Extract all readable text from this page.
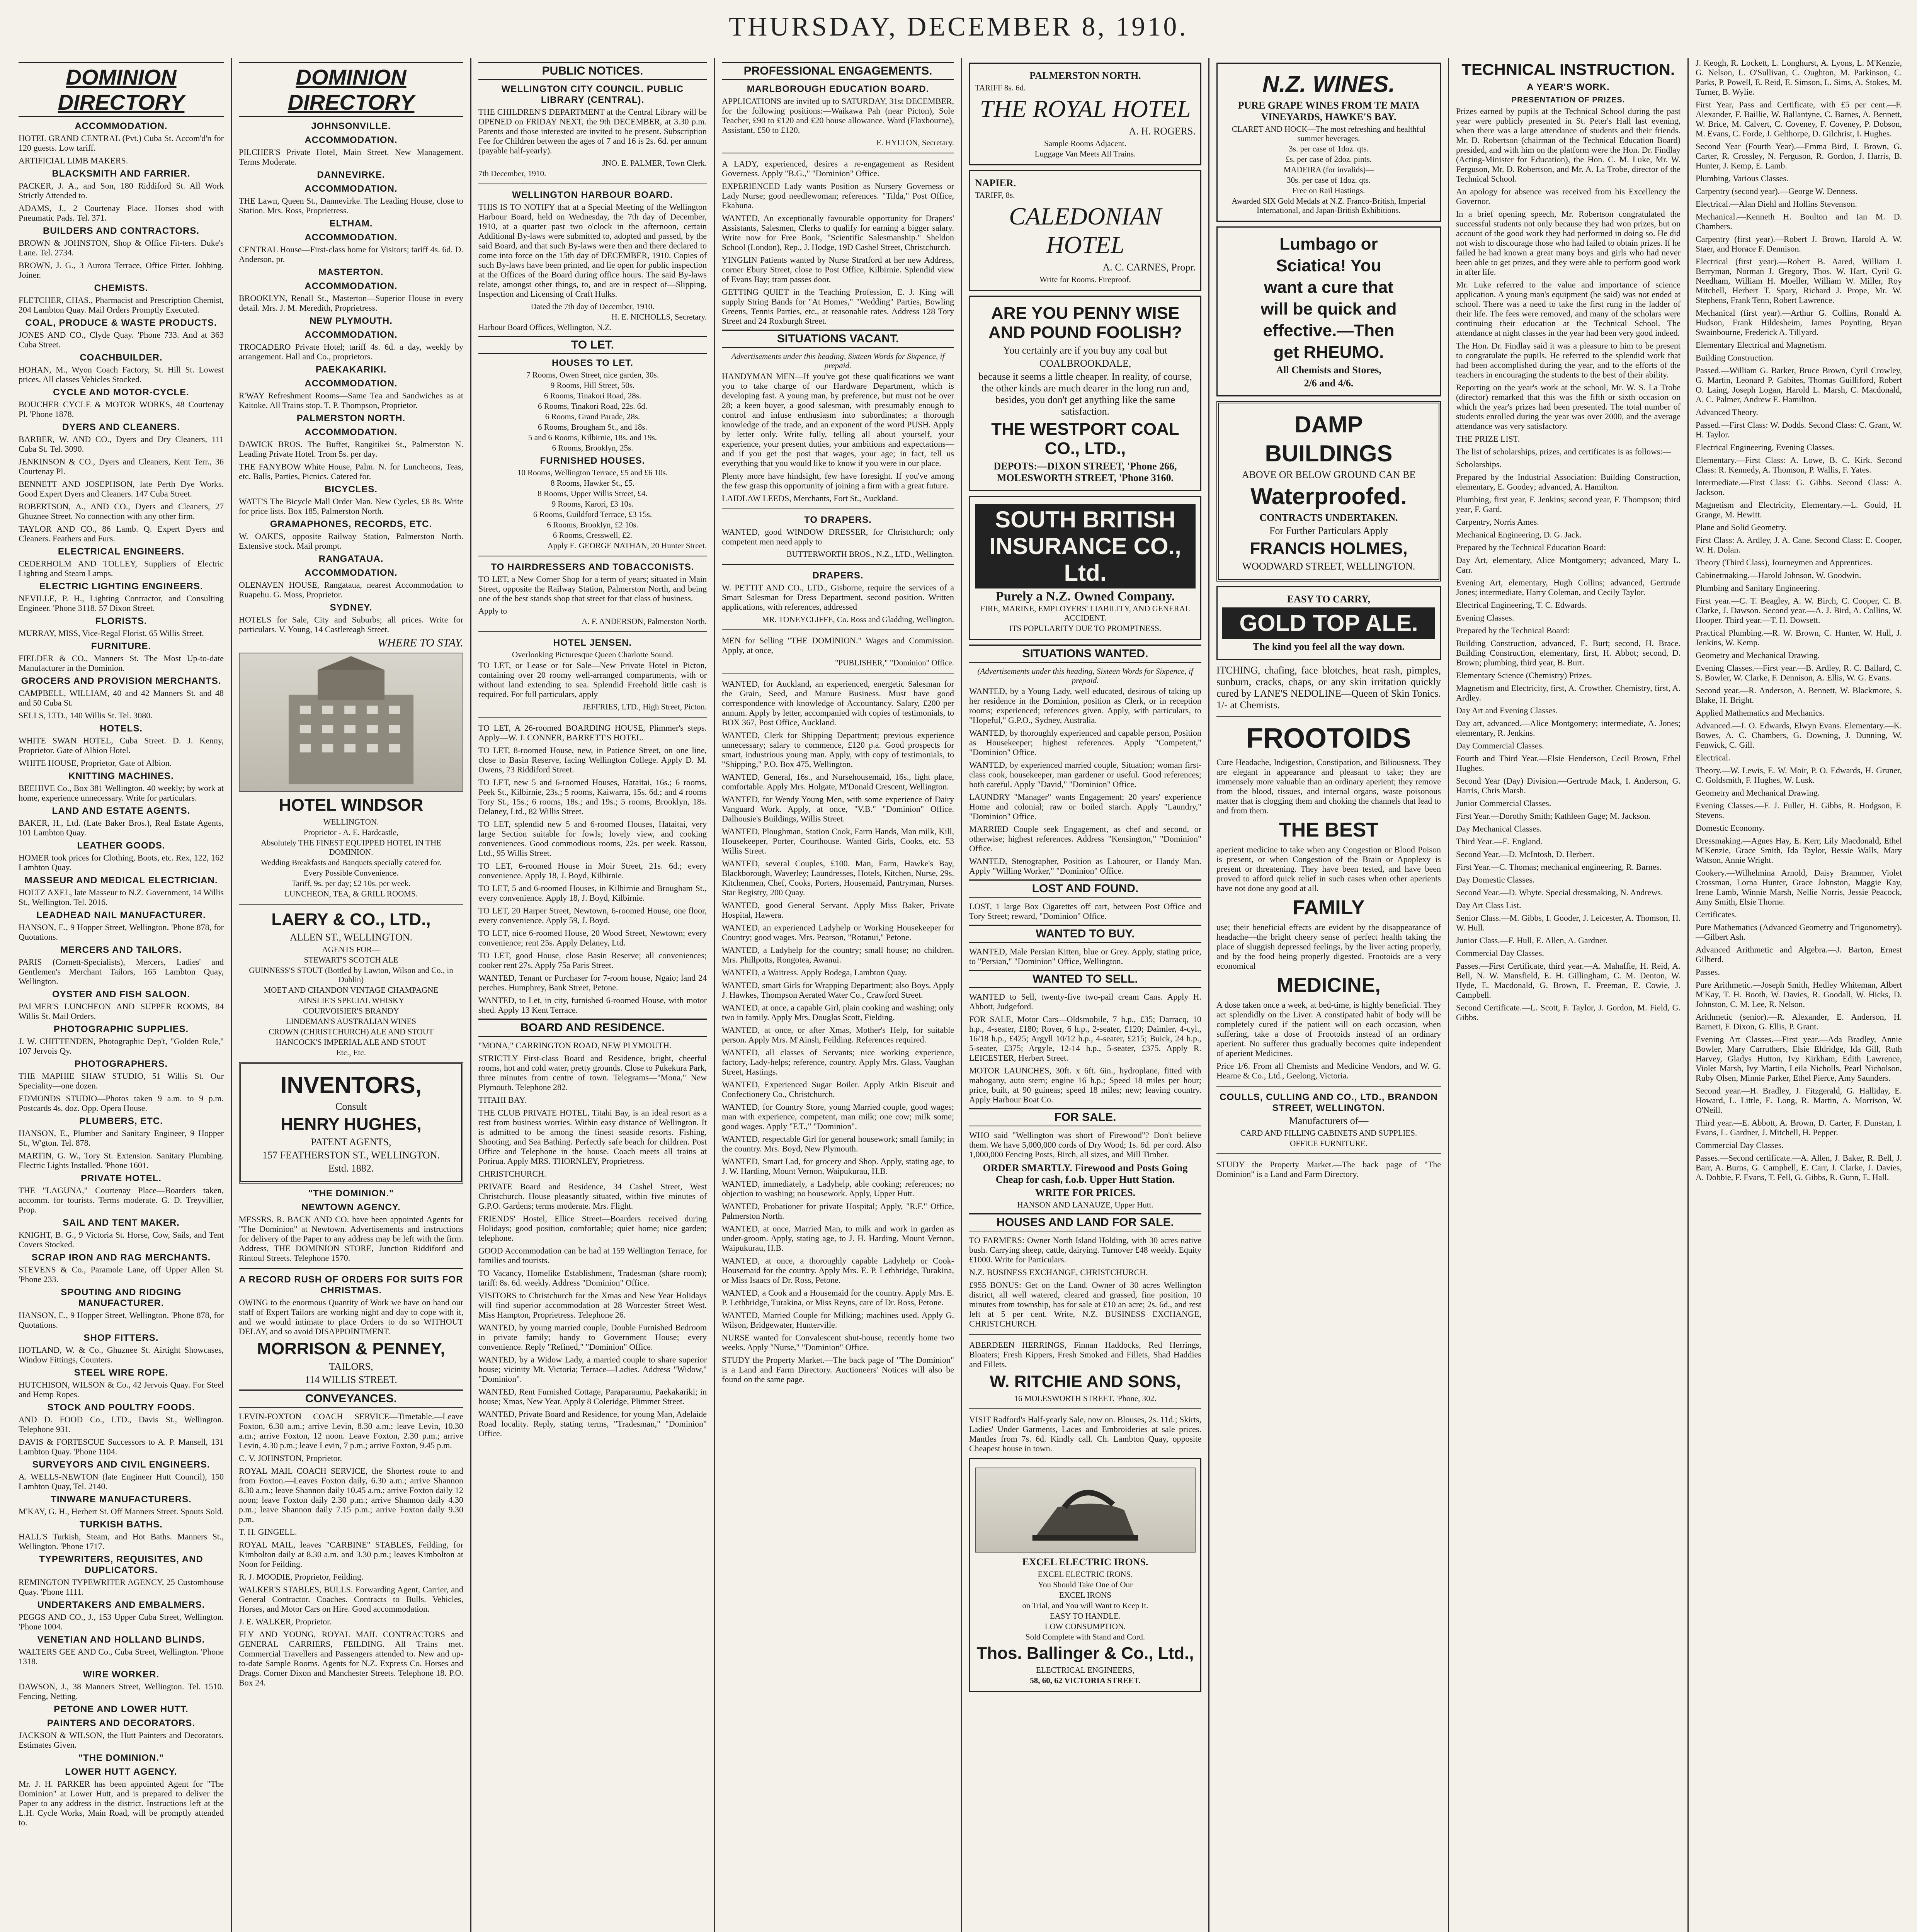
THURSDAY, DECEMBER 8, 1910.
DOMINION DIRECTORY
ACCOMMODATION.
HOTEL GRAND CENTRAL (Pvt.) Cuba St. Accom'd'n for 120 guests. Low tariff.
ARTIFICIAL LIMB MAKERS.
BLACKSMITH AND FARRIER.
PACKER, J. A., and Son, 180 Riddiford St. All Work Strictly Attended to.
ADAMS, J., 2 Courtenay Place. Horses shod with Pneumatic Pads. Tel. 371.
BUILDERS AND CONTRACTORS.
BROWN & JOHNSTON, Shop & Office Fit-ters. Duke's Lane. Tel. 2734.
BROWN, J. G., 3 Aurora Terrace, Office Fitter. Jobbing. Joiner.
CHEMISTS.
FLETCHER, CHAS., Pharmacist and Prescription Chemist, 204 Lambton Quay. Mail Orders Promptly Executed.
COAL, PRODUCE & WASTE PRODUCTS.
JONES AND CO., Clyde Quay. 'Phone 733. And at 363 Cuba Street.
COACHBUILDER.
HOHAN, M., Wyon Coach Factory, St. Hill St. Lowest prices. All classes Vehicles Stocked.
CYCLE AND MOTOR-CYCLE.
BOUCHER CYCLE & MOTOR WORKS, 48 Courtenay Pl. 'Phone 1878.
DYERS AND CLEANERS.
BARBER, W. AND CO., Dyers and Dry Cleaners, 111 Cuba St. Tel. 3090.
JENKINSON & CO., Dyers and Cleaners, Kent Terr., 36 Courtenay Pl.
BENNETT AND JOSEPHSON, late Perth Dye Works. Good Expert Dyers and Cleaners. 147 Cuba Street.
ROBERTSON, A., AND CO., Dyers and Cleaners, 27 Ghuznee Street. No connection with any other firm.
TAYLOR AND CO., 86 Lamb. Q. Expert Dyers and Cleaners. Feathers and Furs.
ELECTRICAL ENGINEERS.
CEDERHOLM AND TOLLEY, Suppliers of Electric Lighting and Steam Lamps.
ELECTRIC LIGHTING ENGINEERS.
NEVILLE, P. H., Lighting Contractor, and Consulting Engineer. 'Phone 3118. 57 Dixon Street.
FLORISTS.
MURRAY, MISS, Vice-Regal Florist. 65 Willis Street.
FURNITURE.
FIELDER & CO., Manners St. The Most Up-to-date Manufacturer in the Dominion.
GROCERS AND PROVISION MERCHANTS.
CAMPBELL, WILLIAM, 40 and 42 Manners St. and 48 and 50 Cuba St.
SELLS, LTD., 140 Willis St. Tel. 3080.
HOTELS.
WHITE SWAN HOTEL, Cuba Street. D. J. Kenny, Proprietor. Gate of Albion Hotel.
WHITE HOUSE, Proprietor, Gate of Albion.
KNITTING MACHINES.
BEEHIVE Co., Box 381 Wellington. 40 weekly; by work at home, experience unnecessary. Write for particulars.
LAND AND ESTATE AGENTS.
BAKER, H., Ltd. (Late Baker Bros.), Real Estate Agents, 101 Lambton Quay.
LEATHER GOODS.
HOMER took prices for Clothing, Boots, etc. Rex, 122, 162 Lambton Quay.
MASSEUR AND MEDICAL ELECTRICIAN.
HOLTZ AXEL, late Masseur to N.Z. Government, 14 Willis St., Wellington. Tel. 2016.
LEADHEAD NAIL MANUFACTURER.
HANSON, E., 9 Hopper Street, Wellington. 'Phone 878, for Quotations.
MERCERS AND TAILORS.
PARIS (Cornett-Specialists), Mercers, Ladies' and Gentlemen's Merchant Tailors, 165 Lambton Quay, Wellington.
OYSTER AND FISH SALOON.
PALMER'S LUNCHEON AND SUPPER ROOMS, 84 Willis St. Mail Orders.
PHOTOGRAPHIC SUPPLIES.
J. W. CHITTENDEN, Photographic Dep't, "Golden Rule," 107 Jervois Qy.
PHOTOGRAPHERS.
THE MAPHIE SHAW STUDIO, 51 Willis St. Our Speciality—one dozen.
EDMONDS STUDIO—Photos taken 9 a.m. to 9 p.m. Postcards 4s. doz. Opp. Opera House.
PLUMBERS, ETC.
HANSON, E., Plumber and Sanitary Engineer, 9 Hopper St., W'gton. Tel. 878.
MARTIN, G. W., Tory St. Extension. Sanitary Plumbing. Electric Lights Installed. 'Phone 1601.
PRIVATE HOTEL.
THE "LAGUNA," Courtenay Place—Boarders taken, accomm. for tourists. Terms moderate. G. D. Treyvillier, Prop.
SAIL AND TENT MAKER.
KNIGHT, B. G., 9 Victoria St. Horse, Cow, Sails, and Tent Covers Stocked.
SCRAP IRON AND RAG MERCHANTS.
STEVENS & Co., Paramole Lane, off Upper Allen St. 'Phone 233.
SPOUTING AND RIDGING MANUFACTURER.
HANSON, E., 9 Hopper Street, Wellington. 'Phone 878, for Quotations.
SHOP FITTERS.
HOTLAND, W. & Co., Ghuznee St. Airtight Showcases, Window Fittings, Counters.
STEEL WIRE ROPE.
HUTCHISON, WILSON & Co., 42 Jervois Quay. For Steel and Hemp Ropes.
STOCK AND POULTRY FOODS.
AND D. FOOD Co., LTD., Davis St., Wellington. Telephone 931.
DAVIS & FORTESCUE Successors to A. P. Mansell, 131 Lambton Quay. 'Phone 1104.
SURVEYORS AND CIVIL ENGINEERS.
A. WELLS-NEWTON (late Engineer Hutt Council), 150 Lambton Quay, Tel. 2140.
TINWARE MANUFACTURERS.
M'KAY, G. H., Herbert St. Off Manners Street. Spouts Sold.
TURKISH BATHS.
HALL'S Turkish, Steam, and Hot Baths. Manners St., Wellington. 'Phone 1717.
TYPEWRITERS, REQUISITES, AND DUPLICATORS.
REMINGTON TYPEWRITER AGENCY, 25 Customhouse Quay. 'Phone 1111.
UNDERTAKERS AND EMBALMERS.
PEGGS AND CO., J., 153 Upper Cuba Street, Wellington. 'Phone 1004.
VENETIAN AND HOLLAND BLINDS.
WALTERS GEE AND Co., Cuba Street, Wellington. 'Phone 1318.
WIRE WORKER.
DAWSON, J., 38 Manners Street, Wellington. Tel. 1510. Fencing, Netting.
PETONE AND LOWER HUTT.
PAINTERS AND DECORATORS.
JACKSON & WILSON, the Hutt Painters and Decorators. Estimates Given.
"THE DOMINION."
LOWER HUTT AGENCY.
Mr. J. H. PARKER has been appointed Agent for "The Dominion" at Lower Hutt, and is prepared to deliver the Paper to any address in the district. Instructions left at the L.H. Cycle Works, Main Road, will be promptly attended to.
DOMINION DIRECTORY
JOHNSONVILLE.
ACCOMMODATION.
PILCHER'S Private Hotel, Main Street. New Management. Terms Moderate.
DANNEVIRKE.
ACCOMMODATION.
THE Lawn, Queen St., Dannevirke. The Leading House, close to Station. Mrs. Ross, Proprietress.
ELTHAM.
ACCOMMODATION.
CENTRAL House—First-class home for Visitors; tariff 4s. 6d. D. Anderson, pr.
MASTERTON.
ACCOMMODATION.
BROOKLYN, Renall St., Masterton—Superior House in every detail. Mrs. J. M. Meredith, Proprietress.
NEW PLYMOUTH.
ACCOMMODATION.
TROCADERO Private Hotel; tariff 4s. 6d. a day, weekly by arrangement. Hall and Co., proprietors.
PAEKAKARIKI.
ACCOMMODATION.
R'WAY Refreshment Rooms—Same Tea and Sandwiches as at Kaitoke. All Trains stop. T. P. Thompson, Proprietor.
PALMERSTON NORTH.
ACCOMMODATION.
DAWICK BROS. The Buffet, Rangitikei St., Palmerston N. Leading Private Hotel. Trom 5s. per day.
THE FANYBOW White House, Palm. N. for Luncheons, Teas, etc. Balls, Parties, Picnics. Catered for.
BICYCLES.
WATT'S The Bicycle Mall Order Man. New Cycles, £8 8s. Write for price lists. Box 185, Palmerston North.
GRAMAPHONES, RECORDS, ETC.
W. OAKES, opposite Railway Station, Palmerston North. Extensive stock. Mail prompt.
RANGATAUA.
ACCOMMODATION.
OLENAVEN HOUSE, Rangataua, nearest Accommodation to Ruapehu. G. Moss, Proprietor.
SYDNEY.
HOTELS for Sale, City and Suburbs; all prices. Write for particulars. V. Young, 14 Castlereagh Street.
WHERE TO STAY.
HOTEL WINDSOR
WELLINGTON.
Proprietor - A. E. Hardcastle,
Absolutely THE FINEST EQUIPPED HOTEL IN THE DOMINION.
Wedding Breakfasts and Banquets specially catered for.
Every Possible Convenience.
Tariff, 9s. per day; £2 10s. per week.
LUNCHEON, TEA, & GRILL ROOMS.
LAERY & CO., LTD.,
ALLEN ST., WELLINGTON.
AGENTS FOR—
STEWART'S SCOTCH ALE
GUINNESS'S STOUT (Bottled by Lawton, Wilson and Co., in Dublin)
MOET AND CHANDON VINTAGE CHAMPAGNE
AINSLIE'S SPECIAL WHISKY
COURVOISIER'S BRANDY
LINDEMAN'S AUSTRALIAN WINES
CROWN (CHRISTCHURCH) ALE AND STOUT
HANCOCK'S IMPERIAL ALE AND STOUT
Etc., Etc.
INVENTORS,
Consult
HENRY HUGHES,
PATENT AGENTS,
157 FEATHERSTON ST., WELLINGTON.
Estd. 1882.
"THE DOMINION."
NEWTOWN AGENCY.
MESSRS. R. BACK AND CO. have been appointed Agents for "The Dominion" at Newtown. Advertisements and instructions for delivery of the Paper to any address may be left with the firm. Address, THE DOMINION STORE, Junction Riddiford and Rintoul Streets. Telephone 1570.
A RECORD RUSH OF ORDERS FOR SUITS FOR CHRISTMAS.
OWING to the enormous Quantity of Work we have on hand our staff of Expert Tailors are working night and day to cope with it, and we would intimate to place Orders to do so WITHOUT DELAY, and so avoid DISAPPOINTMENT.
MORRISON & PENNEY,
TAILORS,
114 WILLIS STREET.
CONVEYANCES.
LEVIN-FOXTON COACH SERVICE—Timetable.—Leave Foxton, 6.30 a.m.; arrive Levin, 8.30 a.m.; leave Levin, 10.30 a.m.; arrive Foxton, 12 noon. Leave Foxton, 2.30 p.m.; arrive Levin, 4.30 p.m.; leave Levin, 7 p.m.; arrive Foxton, 9.45 p.m.
C. V. JOHNSTON, Proprietor.
ROYAL MAIL COACH SERVICE, the Shortest route to and from Foxton.—Leaves Foxton daily, 6.30 a.m.; arrive Shannon 8.30 a.m.; leave Shannon daily 10.45 a.m.; arrive Foxton daily 12 noon; leave Foxton daily 2.30 p.m.; arrive Shannon daily 4.30 p.m.; leave Shannon daily 7.15 p.m.; arrive Foxton daily 9.30 p.m.
T. H. GINGELL.
ROYAL MAIL, leaves "CARBINE" STABLES, Feilding, for Kimbolton daily at 8.30 a.m. and 3.30 p.m.; leaves Kimbolton at Noon for Feilding.
R. J. MOODIE, Proprietor, Feilding.
WALKER'S STABLES, BULLS. Forwarding Agent, Carrier, and General Contractor. Coaches. Contracts to Bulls. Vehicles, Horses, and Motor Cars on Hire. Good accommodation.
J. E. WALKER, Proprietor.
FLY AND YOUNG, ROYAL MAIL CONTRACTORS and GENERAL CARRIERS, FEILDING. All Trains met. Commercial Travellers and Passengers attended to. New and up-to-date Sample Rooms. Agents for N.Z. Express Co. Horses and Drags. Corner Dixon and Manchester Streets. Telephone 18. P.O. Box 24.
PUBLIC NOTICES.
WELLINGTON CITY COUNCIL. PUBLIC LIBRARY (CENTRAL).
THE CHILDREN'S DEPARTMENT at the Central Library will be OPENED on FRIDAY NEXT, the 9th DECEMBER, at 3.30 p.m. Parents and those interested are invited to be present. Subscription Fee for Children between the ages of 7 and 16 is 2s. 6d. per annum (payable half-yearly).
JNO. E. PALMER, Town Clerk.
7th December, 1910.
WELLINGTON HARBOUR BOARD.
THIS IS TO NOTIFY that at a Special Meeting of the Wellington Harbour Board, held on Wednesday, the 7th day of December, 1910, at a quarter past two o'clock in the afternoon, certain Additional By-laws were submitted to, adopted and passed, by the said Board, and that such By-laws were then and there declared to come into force on the 15th day of DECEMBER, 1910. Copies of such By-laws have been printed, and lie open for public inspection at the Offices of the Board during office hours. The said By-laws relate, amongst other things, to, and are in respect of—Slipping, Inspection and Licensing of Craft Hulks.
Dated the 7th day of December, 1910.
H. E. NICHOLLS, Secretary.
Harbour Board Offices, Wellington, N.Z.
TO LET.
HOUSES TO LET.
7 Rooms, Owen Street, nice garden, 30s.
9 Rooms, Hill Street, 50s.
6 Rooms, Tinakori Road, 28s.
6 Rooms, Tinakori Road, 22s. 6d.
6 Rooms, Grand Parade, 28s.
6 Rooms, Brougham St., and 18s.
5 and 6 Rooms, Kilbirnie, 18s. and 19s.
6 Rooms, Brooklyn, 25s.
FURNISHED HOUSES.
10 Rooms, Wellington Terrace, £5 and £6 10s.
8 Rooms, Hawker St., £5.
8 Rooms, Upper Willis Street, £4.
9 Rooms, Karori, £3 10s.
6 Rooms, Guildford Terrace, £3 15s.
6 Rooms, Brooklyn, £2 10s.
6 Rooms, Cresswell, £2.
Apply E. GEORGE NATHAN, 20 Hunter Street.
TO HAIRDRESSERS AND TOBACCONISTS.
TO LET, a New Corner Shop for a term of years; situated in Main Street, opposite the Railway Station, Palmerston North, and being one of the best stands shop that street for that class of business.
Apply to
A. F. ANDERSON, Palmerston North.
HOTEL JENSEN.
Overlooking Picturesque Queen Charlotte Sound.
TO LET, or Lease or for Sale—New Private Hotel in Picton, containing over 20 roomy well-arranged compartments, with or without land extending to sea. Splendid Freehold little cash is required. For full particulars, apply
JEFFRIES, LTD., High Street, Picton.
TO LET, A 26-roomed BOARDING HOUSE, Plimmer's steps. Apply—W. J. CONNER, BARRETT'S HOTEL.
TO LET, 8-roomed House, new, in Patience Street, on one line, close to Basin Reserve, facing Wellington College. Apply D. M. Owens, 73 Riddiford Street.
TO LET, new 5 and 6-roomed Houses, Hataitai, 16s.; 6 rooms, Peek St., Kilbirnie, 23s.; 5 rooms, Kaiwarra, 15s. 6d.; and 4 rooms Tory St., 15s.; 6 rooms, 18s.; and 19s.; 5 rooms, Brooklyn, 18s. Delaney, Ltd., 82 Willis Street.
TO LET, splendid new 5 and 6-roomed Houses, Hataitai, very large Section suitable for fowls; lovely view, and cooking conveniences. Good commodious rooms, 22s. per week. Rassou, Ltd., 95 Willis Street.
TO LET, 6-roomed House in Moir Street, 21s. 6d.; every convenience. Apply 18, J. Boyd, Kilbirnie.
TO LET, 5 and 6-roomed Houses, in Kilbirnie and Brougham St., every convenience. Apply 18, J. Boyd, Kilbirnie.
TO LET, 20 Harper Street, Newtown, 6-roomed House, one floor, every convenience. Apply 59, J. Boyd.
TO LET, nice 6-roomed House, 20 Wood Street, Newtown; every convenience; rent 25s. Apply Delaney, Ltd.
TO LET, good House, close Basin Reserve; all conveniences; cooker rent 27s. Apply 75a Paris Street.
WANTED, Tenant or Purchaser for 7-room house, Ngaio; land 24 perches. Humphrey, Bank Street, Petone.
WANTED, to Let, in city, furnished 6-roomed House, with motor shed. Apply 13 Kent Terrace.
BOARD AND RESIDENCE.
"MONA," CARRINGTON ROAD, NEW PLYMOUTH.
STRICTLY First-class Board and Residence, bright, cheerful rooms, hot and cold water, pretty grounds. Close to Pukekura Park, three minutes from centre of town. Telegrams—"Mona," New Plymouth. Telephone 282.
TITAHI BAY.
THE CLUB PRIVATE HOTEL, Titahi Bay, is an ideal resort as a rest from business worries. Within easy distance of Wellington. It is admitted to be among the finest seaside resorts. Fishing, Shooting, and Sea Bathing. Perfectly safe beach for children. Post Office and Telephone in the house. Coach meets all trains at Porirua. Apply MRS. THORNLEY, Proprietress.
CHRISTCHURCH.
PRIVATE Board and Residence, 34 Cashel Street, West Christchurch. House pleasantly situated, within five minutes of G.P.O. Gardens; terms moderate. Mrs. Flight.
FRIENDS' Hostel, Ellice Street—Boarders received during Holidays; good position, comfortable; quiet home; nice garden; telephone.
GOOD Accommodation can be had at 159 Wellington Terrace, for families and tourists.
TO Vacancy, Homelike Establishment, Tradesman (share room); tariff: 8s. 6d. weekly. Address "Dominion" Office.
VISITORS to Christchurch for the Xmas and New Year Holidays will find superior accommodation at 28 Worcester Street West. Miss Hampton, Proprietress. Telephone 26.
WANTED, by young married couple, Double Furnished Bedroom in private family; handy to Government House; every convenience. Reply "Refined," "Dominion" Office.
WANTED, by a Widow Lady, a married couple to share superior house; vicinity Mt. Victoria; Terrace—Ladies. Address "Widow," "Dominion".
WANTED, Rent Furnished Cottage, Paraparaumu, Paekakariki; in house; Xmas, New Year. Apply 8 Coleridge, Plimmer Street.
WANTED, Private Board and Residence, for young Man, Adelaide Road locality. Reply, stating terms, "Tradesman," "Dominion" Office.
PROFESSIONAL ENGAGEMENTS.
MARLBOROUGH EDUCATION BOARD.
APPLICATIONS are invited up to SATURDAY, 31st DECEMBER, for the following positions:—Waikawa Pah (near Picton), Sole Teacher, £90 to £120 and £20 house allowance. Ward (Flaxbourne), Assistant, £50 to £120.
E. HYLTON, Secretary.
A LADY, experienced, desires a re-engagement as Resident Governess. Apply "B.G.," "Dominion" Office.
EXPERIENCED Lady wants Position as Nursery Governess or Lady Nurse; good needlewoman; references. "Tilda," Post Office, Ekahuna.
WANTED, An exceptionally favourable opportunity for Drapers' Assistants, Salesmen, Clerks to qualify for earning a bigger salary. Write now for Free Book, "Scientific Salesmanship." Sheldon School (London), Rep., J. Hodge, 19D Cashel Street, Christchurch.
YINGLIN Patients wanted by Nurse Stratford at her new Address, corner Ebury Street, close to Post Office, Kilbirnie. Splendid view of Evans Bay; tram passes door.
GETTING QUIET in the Teaching Profession, E. J. King will supply String Bands for "At Homes," "Wedding" Parties, Bowling Greens, Tennis Parties, etc., at reasonable rates. Address 128 Tory Street and 24 Roxburgh Street.
SITUATIONS VACANT.
Advertisements under this heading, Sixteen Words for Sixpence, if prepaid.
HANDYMAN MEN—If you've got these qualifications we want you to take charge of our Hardware Department, which is developing fast. A young man, by preference, but must not be over 28; a keen buyer, a good salesman, with presumably enough to control and infuse enthusiasm into subordinates; a thorough knowledge of the trade, and an exponent of the word PUSH. Apply by letter only. Write fully, telling all about yourself, your experience, your present duties, your ambitions and expectations—and if you get the post that wages, your age; in fact, tell us everything that you would like to know if you were in our place.
Plenty more have hindsight, few have foresight. If you've among the few grasp this opportunity of joining a firm with a great future.
LAIDLAW LEEDS, Merchants, Fort St., Auckland.
TO DRAPERS.
WANTED, good WINDOW DRESSER, for Christchurch; only competent men need apply to
BUTTERWORTH BROS., N.Z., LTD., Wellington.
DRAPERS.
W. PETTIT AND CO., LTD., Gisborne, require the services of a Smart Salesman for Dress Department, second position. Written applications, with references, addressed
MR. TONEYCLIFFE, Co. Ross and Gladding, Wellington.
MEN for Selling "THE DOMINION." Wages and Commission. Apply, at once,
"PUBLISHER," "Dominion" Office.
WANTED, for Auckland, an experienced, energetic Salesman for the Grain, Seed, and Manure Business. Must have good correspondence with knowledge of Accountancy. Salary, £200 per annum. Apply by letter, accompanied with copies of testimonials, to BOX 367, Post Office, Auckland.
WANTED, Clerk for Shipping Department; previous experience unnecessary; salary to commence, £120 p.a. Good prospects for smart, industrious young man. Apply, with copy of testimonials, to "Shipping," P.O. Box 475, Wellington.
WANTED, General, 16s., and Nursehousemaid, 16s., light place, comfortable. Apply Mrs. Holgate, M'Donald Crescent, Wellington.
WANTED, for Wendy Young Men, with some experience of Dairy Vanguard Work. Apply, at once, "V.B." "Dominion" Office. Dalhousie's Buildings, Willis Street.
WANTED, Ploughman, Station Cook, Farm Hands, Man milk, Kill, Housekeeper, Porter, Courthouse. Wanted Girls, Cooks, etc. 53 Willis Street.
WANTED, several Couples, £100. Man, Farm, Hawke's Bay, Blackborough, Waverley; Laundresses, Hotels, Kitchen, Nurse, 29s. Kitchenmen, Chef, Cooks, Porters, Housemaid, Pantryman, Nurses. Star Registry, 200 Quay.
WANTED, good General Servant. Apply Miss Baker, Private Hospital, Hawera.
WANTED, an experienced Ladyhelp or Working Housekeeper for Country; good wages. Mrs. Pearson, "Rotanui," Petone.
WANTED, a Ladyhelp for the country; small house; no children. Mrs. Phillpotts, Rongotea, Awanui.
WANTED, a Waitress. Apply Bodega, Lambton Quay.
WANTED, smart Girls for Wrapping Department; also Boys. Apply J. Hawkes, Thompson Aerated Water Co., Crawford Street.
WANTED, at once, a capable Girl, plain cooking and washing; only two in family. Apply Mrs. Douglas Scott, Fielding.
WANTED, at once, or after Xmas, Mother's Help, for suitable person. Apply Mrs. M'Ainsh, Feilding. References required.
WANTED, all classes of Servants; nice working experience, factory, Lady-helps; reference, country. Apply Mrs. Glass, Vaughan Street, Hastings.
WANTED, Experienced Sugar Boiler. Apply Atkin Biscuit and Confectionery Co., Christchurch.
WANTED, for Country Store, young Married couple, good wages; man with experience, competent, man milk; one cow; milk some; good wages. Apply "F.T.," "Dominion".
WANTED, respectable Girl for general housework; small family; in the country. Mrs. Boyd, New Plymouth.
WANTED, Smart Lad, for grocery and Shop. Apply, stating age, to J. W. Harding, Mount Vernon, Waipukurau, H.B.
WANTED, immediately, a Ladyhelp, able cooking; references; no objection to washing; no housework. Apply, Upper Hutt.
WANTED, Probationer for private Hospital; Apply, "R.F." Office, Palmerston North.
WANTED, at once, Married Man, to milk and work in garden as under-groom. Apply, stating age, to J. H. Harding, Mount Vernon, Waipukurau, H.B.
WANTED, at once, a thoroughly capable Ladyhelp or Cook-Housemaid for the country. Apply Mrs. E. P. Lethbridge, Turakina, or Miss Isaacs of Dr. Ross, Petone.
WANTED, a Cook and a Housemaid for the country. Apply Mrs. E. P. Lethbridge, Turakina, or Miss Reyns, care of Dr. Ross, Petone.
WANTED, Married Couple for Milking; machines used. Apply G. Wilson, Bridgewater, Hunterville.
NURSE wanted for Convalescent shut-house, recently home two weeks. Apply "Nurse," "Dominion" Office.
STUDY the Property Market.—The back page of "The Dominion" is a Land and Farm Directory. Auctioneers' Notices will also be found on the same page.
PALMERSTON NORTH.
TARIFF 8s. 6d.
THE ROYAL HOTEL
A. H. ROGERS.
Sample Rooms Adjacent.
Luggage Van Meets All Trains.
NAPIER.
TARIFF, 8s.
CALEDONIAN HOTEL
A. C. CARNES, Propr.
Write for Rooms. Fireproof.
ARE YOU PENNY WISE AND POUND FOOLISH?
You certainly are if you buy any coal but
COALBROOKDALE,
because it seems a little cheaper. In reality, of course, the other kinds are much dearer in the long run and, besides, you don't get anything like the same satisfaction.
THE WESTPORT COAL CO., LTD.,
DEPOTS:—DIXON STREET, 'Phone 266, MOLESWORTH STREET, 'Phone 3160.
SOUTH BRITISH INSURANCE CO., Ltd.
Purely a N.Z. Owned Company.
FIRE, MARINE, EMPLOYERS' LIABILITY, AND GENERAL ACCIDENT.
ITS POPULARITY DUE TO PROMPTNESS.
SITUATIONS WANTED.
(Advertisements under this heading, Sixteen Words for Sixpence, if prepaid.
WANTED, by a Young Lady, well educated, desirous of taking up her residence in the Dominion, position as Clerk, or in reception rooms; experienced; references given. Apply, with particulars, to "Hopeful," G.P.O., Sydney, Australia.
WANTED, by thoroughly experienced and capable person, Position as Housekeeper; highest references. Apply "Competent," "Dominion" Office.
WANTED, by experienced married couple, Situation; woman first-class cook, housekeeper, man gardener or useful. Good references; both careful. Apply "David," "Dominion" Office.
LAUNDRY "Manager" wants Engagement; 20 years' experience Home and colonial; raw or boiled starch. Apply "Laundry," "Dominion" Office.
MARRIED Couple seek Engagement, as chef and second, or otherwise; highest references. Address "Kensington," "Dominion" Office.
WANTED, Stenographer, Position as Labourer, or Handy Man. Apply "Willing Worker," "Dominion" Office.
LOST AND FOUND.
LOST, 1 large Box Cigarettes off cart, between Post Office and Tory Street; reward, "Dominion" Office.
WANTED TO BUY.
WANTED, Male Persian Kitten, blue or Grey. Apply, stating price, to "Persian," "Dominion" Office, Wellington.
WANTED TO SELL.
WANTED to Sell, twenty-five two-pail cream Cans. Apply H. Abbott, Judgeford.
FOR SALE, Motor Cars—Oldsmobile, 7 h.p., £35; Darracq, 10 h.p., 4-seater, £180; Rover, 6 h.p., 2-seater, £120; Daimler, 4-cyl., 16/18 h.p., £425; Argyll 10/12 h.p., 4-seater, £215; Buick, 24 h.p., 5-seater, £375; Argyle, 12-14 h.p., 5-seater, £375. Apply R. LEICESTER, Herbert Street.
MOTOR LAUNCHES, 30ft. x 6ft. 6in., hydroplane, fitted with mahogany, auto stern; engine 16 h.p.; Speed 18 miles per hour; price, built, at 90 guineas; speed 18 miles; new; leaving country. Apply Harbour Boat Co.
FOR SALE.
WHO said "Wellington was short of Firewood"? Don't believe them. We have 5,000,000 cords of Dry Wood; 1s. 6d. per cord. Also 1,000,000 Fencing Posts, Birch, all sizes, and Mill Timber.
ORDER SMARTLY. Firewood and Posts Going Cheap for cash, f.o.b. Upper Hutt Station.
WRITE FOR PRICES.
HANSON AND LANAUZE, Upper Hutt.
HOUSES AND LAND FOR SALE.
TO FARMERS: Owner North Island Holding, with 30 acres native bush. Carrying sheep, cattle, dairying. Turnover £48 weekly. Equity £1000. Write for Particulars.
N.Z. BUSINESS EXCHANGE, CHRISTCHURCH.
£955 BONUS: Get on the Land. Owner of 30 acres Wellington district, all well watered, cleared and grassed, fine position, 10 minutes from township, has for sale at £10 an acre; 2s. 6d., and rest left at 5 per cent. Write, N.Z. BUSINESS EXCHANGE, CHRISTCHURCH.
ABERDEEN HERRINGS, Finnan Haddocks, Red Herrings, Bloaters; Fresh Kippers, Fresh Smoked and Fillets, Shad Haddies and Fillets.
W. RITCHIE AND SONS,
16 MOLESWORTH STREET. 'Phone, 302.
VISIT Radford's Half-yearly Sale, now on. Blouses, 2s. 11d.; Skirts, Ladies' Under Garments, Laces and Embroideries at sale prices. Mantles from 7s. 6d. Kindly call. Ch. Lambton Quay, opposite Cheapest house in town.
EXCEL ELECTRIC IRONS.
EXCEL ELECTRIC IRONS.
You Should Take One of Our
EXCEL IRONS
on Trial, and You will Want to Keep It.
EASY TO HANDLE.
LOW CONSUMPTION.
Sold Complete with Stand and Cord.
Thos. Ballinger & Co., Ltd.,
ELECTRICAL ENGINEERS,
58, 60, 62 VICTORIA STREET.
N.Z. WINES.
PURE GRAPE WINES FROM TE MATA VINEYARDS, HAWKE'S BAY.
CLARET AND HOCK—The most refreshing and healthful summer beverages.
3s. per case of 1doz. qts.
£s. per case of 2doz. pints.
MADEIRA (for invalids)—
30s. per case of 1doz. qts.
Free on Rail Hastings.
Awarded SIX Gold Medals at N.Z. Franco-British, Imperial International, and Japan-British Exhibitions.
Lumbago or
Sciatica! You
want a cure that
will be quick and
effective.—Then
get RHEUMO.
All Chemists and Stores,
2/6 and 4/6.
DAMP
BUILDINGS
ABOVE OR BELOW GROUND CAN BE
Waterproofed.
CONTRACTS UNDERTAKEN.
For Further Particulars Apply
FRANCIS HOLMES,
WOODWARD STREET, WELLINGTON.
EASY TO CARRY,
GOLD TOP ALE.
The kind you feel all the way down.
ITCHING, chafing, face blotches, heat rash, pimples, sunburn, cracks, chaps, or any skin irritation quickly cured by LANE'S NEDOLINE—Queen of Skin Tonics. 1/- at Chemists.
FROOTOIDS
Cure Headache, Indigestion, Constipation, and Biliousness. They are elegant in appearance and pleasant to take; they are immensely more valuable than an ordinary aperient; they remove from the blood, tissues, and internal organs, waste poisonous matter that is clogging them and choking the channels that lead to and from them.
THE BEST
aperient medicine to take when any Congestion or Blood Poison is present, or when Congestion of the Brain or Apoplexy is present or threatening. They have been tested, and have been proved to afford quick relief in such cases when other aperients have not done any good at all.
FAMILY
use; their beneficial effects are evident by the disappearance of headache—the bright cheery sense of perfect health taking the place of sluggish depressed feelings, by the liver acting properly, and by the food being properly digested. Frootoids are a very economical
MEDICINE,
A dose taken once a week, at bed-time, is highly beneficial. They act splendidly on the Liver. A constipated habit of body will be completely cured if the patient will on each occasion, when suffering, take a dose of Frootoids instead of an ordinary aperient. No sufferer thus gradually becomes quite independent of aperient Medicines.
Price 1/6. From all Chemists and Medicine Vendors, and W. G. Hearne & Co., Ltd., Geelong, Victoria.
COULLS, CULLING AND CO., LTD., BRANDON STREET, WELLINGTON.
Manufacturers of—
CARD AND FILLING CABINETS AND SUPPLIES.
OFFICE FURNITURE.
STUDY the Property Market.—The back page of "The Dominion" is a Land and Farm Directory.
TECHNICAL INSTRUCTION.
A YEAR'S WORK.
PRESENTATION OF PRIZES.
Prizes earned by pupils at the Technical School during the past year were publicly presented in St. Peter's Hall last evening, when there was a large attendance of students and their friends. Mr. D. Robertson (chairman of the Technical Education Board) presided, and with him on the platform were the Hon. Dr. Findlay (Acting-Minister for Education), the Hon. C. M. Luke, Mr. W. Ferguson, Mr. D. Robertson, and Mr. A. La Trobe, director of the Technical School.
An apology for absence was received from his Excellency the Governor.
In a brief opening speech, Mr. Robertson congratulated the successful students not only because they had won prizes, but on account of the good work they had performed in doing so. He did not wish to discourage those who had failed to obtain prizes. If he failed he had known a great many boys and girls who had never been able to get prizes, and they were able to perform good work in after life.
Mr. Luke referred to the value and importance of science application. A young man's equipment (he said) was not ended at school. There was a need to take the first rung in the ladder of their life. The fees were removed, and many of the scholars were continuing their education at the Technical School. The attendance at night classes in the year had been very good indeed.
The Hon. Dr. Findlay said it was a pleasure to him to be present to congratulate the pupils. He referred to the splendid work that had been accomplished during the year, and to the efforts of the teachers in encouraging the students to the best of their ability.
Reporting on the year's work at the school, Mr. W. S. La Trobe (director) remarked that this was the fifth or sixth occasion on which the year's prizes had been presented. The total number of students enrolled during the year was over 2000, and the average attendance was very satisfactory.
THE PRIZE LIST.
The list of scholarships, prizes, and certificates is as follows:—
Scholarships.
Prepared by the Industrial Association: Building Construction, elementary, E. Goodey; advanced, A. Hamilton.
Plumbing, first year, F. Jenkins; second year, F. Thompson; third year, F. Gard.
Carpentry, Norris Ames.
Mechanical Engineering, D. G. Jack.
Prepared by the Technical Education Board:
Day Art, elementary, Alice Montgomery; advanced, Mary L. Carr.
Evening Art, elementary, Hugh Collins; advanced, Gertrude Jones; intermediate, Harry Coleman, and Cecily Taylor.
Electrical Engineering, T. C. Edwards.
Evening Classes.
Prepared by the Technical Board:
Building Construction, advanced, E. Burt; second, H. Brace. Building Construction, elementary, first, H. Abbot; second, D. Brown; plumbing, third year, B. Burt.
Elementary Science (Chemistry) Prizes.
Magnetism and Electricity, first, A. Crowther. Chemistry, first, A. Ardley.
Day Art and Evening Classes.
Day art, advanced.—Alice Montgomery; intermediate, A. Jones; elementary, R. Jenkins.
Day Commercial Classes.
Fourth and Third Year.—Elsie Henderson, Cecil Brown, Ethel Hughes.
Second Year (Day) Division.—Gertrude Mack, I. Anderson, G. Harris, Chris Marsh.
Junior Commercial Classes.
First Year.—Dorothy Smith; Kathleen Gage; M. Jackson.
Day Mechanical Classes.
Third Year.—E. England.
Second Year.—D. McIntosh, D. Herbert.
First Year.—C. Thomas; mechanical engineering, R. Barnes.
Day Domestic Classes.
Second Year.—D. Whyte. Special dressmaking, N. Andrews.
Day Art Class List.
Senior Class.—M. Gibbs, I. Gooder, J. Leicester, A. Thomson, H. W. Hull.
Junior Class.—F. Hull, E. Allen, A. Gardner.
Commercial Day Classes.
Passes.—First Certificate, third year.—A. Mahaffie, H. Reid, A. Bell, N. W. Mansfield, E. H. Gillingham, C. M. Denton, W. Hyde, E. Macdonald, G. Brown, E. Freeman, E. Cowie, J. Campbell.
Second Certificate.—L. Scott, F. Taylor, J. Gordon, M. Field, G. Gibbs.
J. Keogh, R. Lockett, L. Longhurst, A. Lyons, L. M'Kenzie, G. Nelson, L. O'Sullivan, C. Oughton, M. Parkinson, C. Parks, P. Powell, E. Reid, E. Simson, L. Sims, A. Stokes, M. Turner, B. Wylie.
First Year, Pass and Certificate, with £5 per cent.—F. Alexander, F. Baillie, W. Ballantyne, C. Barnes, A. Bennett, W. Brice, M. Calvert, C. Coveney, F. Coveney, P. Dobson, M. Evans, C. Forde, J. Gelthorpe, D. Gilchrist, I. Hughes.
Second Year (Fourth Year).—Emma Bird, J. Brown, G. Carter, R. Crossley, N. Ferguson, R. Gordon, J. Harris, B. Hunter, J. Kemp, E. Lamb.
Plumbing, Various Classes.
Carpentry (second year).—George W. Denness.
Electrical.—Alan Diehl and Hollins Stevenson.
Mechanical.—Kenneth H. Boulton and Ian M. D. Chambers.
Carpentry (first year).—Robert J. Brown, Harold A. W. Staer, and Horace F. Dennison.
Electrical (first year).—Robert B. Aared, William J. Berryman, Norman J. Gregory, Thos. W. Hart, Cyril G. Needham, William H. Moeller, William W. Miller, Roy Mitchell, Herbert T. Spary, Richard J. Prope, Mr. W. Stephens, Frank Tenn, Robert Lawrence.
Mechanical (first year).—Arthur G. Collins, Ronald A. Hudson, Frank Hildesheim, James Poynting, Bryan Swainbourne, Frederick A. Tillyard.
Elementary Electrical and Magnetism.
Building Construction.
Passed.—William G. Barker, Bruce Brown, Cyril Crowley, G. Martin, Leonard P. Gabites, Thomas Guilliford, Robert O. Laing, Joseph Logan, Harold L. Marsh, C. Macdonald, A. C. Palmer, Andrew E. Hamilton.
Advanced Theory.
Passed.—First Class: W. Dodds. Second Class: C. Grant, W. H. Taylor.
Electrical Engineering, Evening Classes.
Elementary.—First Class: A. Lowe, B. C. Kirk. Second Class: R. Kennedy, A. Thomson, P. Wallis, F. Yates.
Intermediate.—First Class: G. Gibbs. Second Class: A. Jackson.
Magnetism and Electricity, Elementary.—L. Gould, H. Grange, M. Hewitt.
Plane and Solid Geometry.
First Class: A. Ardley, J. A. Cane. Second Class: E. Cooper, W. H. Dolan.
Theory (Third Class), Journeymen and Apprentices.
Cabinetmaking.—Harold Johnson, W. Goodwin.
Plumbing and Sanitary Engineering.
First year.—C. T. Beagley, A. W. Birch, C. Cooper, C. B. Clarke, J. Dawson. Second year.—A. J. Bird, A. Collins, W. Hooper. Third year.—T. H. Dowsett.
Practical Plumbing.—R. W. Brown, C. Hunter, W. Hull, J. Jenkins, W. Kemp.
Geometry and Mechanical Drawing.
Evening Classes.—First year.—B. Ardley, R. C. Ballard, C. S. Bowler, W. Clarke, F. Dennison, A. Ellis, W. G. Evans.
Second year.—R. Anderson, A. Bennett, W. Blackmore, S. Blake, H. Bright.
Applied Mathematics and Mechanics.
Advanced.—J. O. Edwards, Elwyn Evans. Elementary.—K. Bowes, A. C. Chambers, G. Downing, J. Dunning, W. Fenwick, C. Gill.
Electrical.
Theory.—W. Lewis, E. W. Moir, P. O. Edwards, H. Gruner, C. Goldsmith, F. Hughes, W. Lusk.
Geometry and Mechanical Drawing.
Evening Classes.—F. J. Fuller, H. Gibbs, R. Hodgson, F. Stevens.
Domestic Economy.
Dressmaking.—Agnes Hay, E. Kerr, Lily Macdonald, Ethel M'Kenzie, Grace Smith, Ida Taylor, Bessie Walls, Mary Watson, Annie Wright.
Cookery.—Wilhelmina Arnold, Daisy Brammer, Violet Crossman, Lorna Hunter, Grace Johnston, Maggie Kay, Irene Lamb, Winnie Marsh, Nellie Norris, Jessie Peacock, Amy Smith, Elsie Thorne.
Certificates.
Pure Mathematics (Advanced Geometry and Trigonometry).—Gilbert Ash.
Advanced Arithmetic and Algebra.—J. Barton, Ernest Gilberd.
Passes.
Pure Arithmetic.—Joseph Smith, Hedley Whiteman, Albert M'Kay, T. H. Booth, W. Davies, R. Goodall, W. Hicks, D. Johnston, C. M. Lee, R. Nelson.
Arithmetic (senior).—R. Alexander, E. Anderson, H. Barnett, F. Dixon, G. Ellis, P. Grant.
Evening Art Classes.—First year.—Ada Bradley, Annie Bowler, Mary Carruthers, Elsie Eldridge, Ida Gill, Ruth Harvey, Gladys Hutton, Ivy Kirkham, Edith Lawrence, Violet Marsh, Ivy Martin, Leila Nicholls, Pearl Nicholson, Ruby Olsen, Minnie Parker, Ethel Pierce, Amy Saunders.
Second year.—H. Bradley, J. Fitzgerald, G. Halliday, E. Howard, L. Little, E. Long, R. Martin, A. Morrison, W. O'Neill.
Third year.—E. Abbott, A. Brown, D. Carter, F. Dunstan, I. Evans, L. Gardner, J. Mitchell, H. Pepper.
Commercial Day Classes.
Passes.—Second certificate.—A. Allen, J. Baker, R. Bell, J. Barr, A. Burns, G. Campbell, E. Carr, J. Clarke, J. Davies, A. Dobbie, F. Evans, T. Fell, G. Gibbs, R. Gunn, E. Hall.
